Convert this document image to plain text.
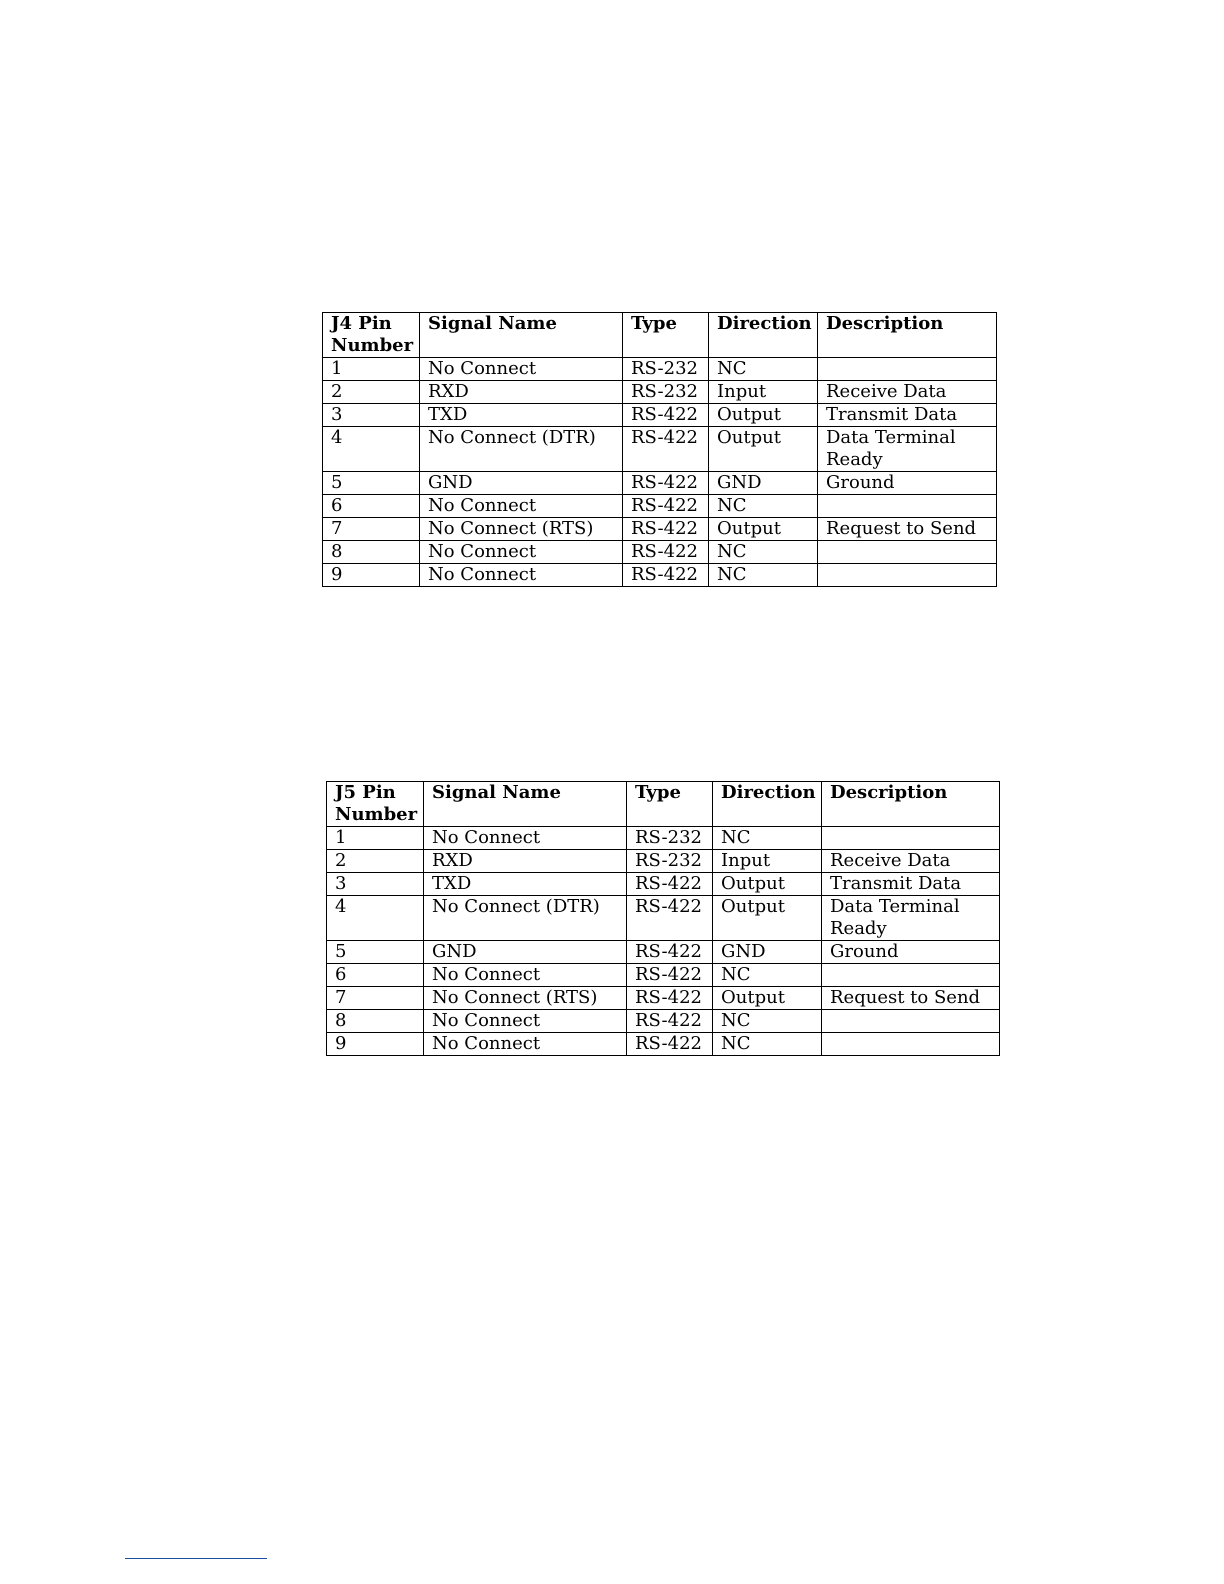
J4 Pin Number	Signal Name	Type	Direction	Description
1	No Connect	RS-232	NC	
2	RXD	RS-232	Input	Receive Data
3	TXD	RS-422	Output	Transmit Data
4	No Connect (DTR)	RS-422	Output	Data Terminal Ready
5	GND	RS-422	GND	Ground
6	No Connect	RS-422	NC	
7	No Connect (RTS)	RS-422	Output	Request to Send
8	No Connect	RS-422	NC	
9	No Connect	RS-422	NC	
J5 Pin Number	Signal Name	Type	Direction	Description
1	No Connect	RS-232	NC	
2	RXD	RS-232	Input	Receive Data
3	TXD	RS-422	Output	Transmit Data
4	No Connect (DTR)	RS-422	Output	Data Terminal Ready
5	GND	RS-422	GND	Ground
6	No Connect	RS-422	NC	
7	No Connect (RTS)	RS-422	Output	Request to Send
8	No Connect	RS-422	NC	
9	No Connect	RS-422	NC	
